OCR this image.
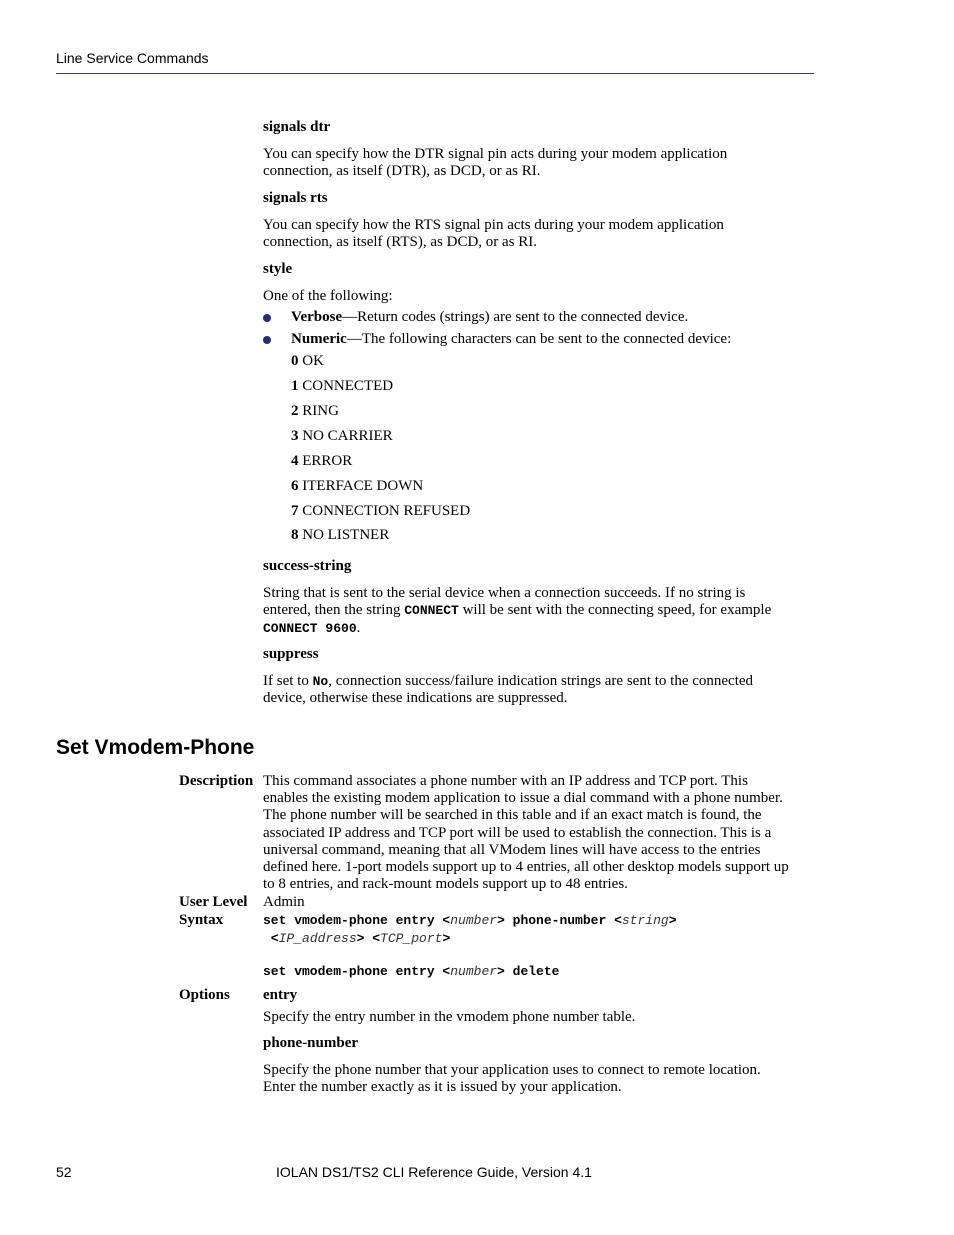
Line Service Commands

signals dtr

You can specify how the DTR signal pin acts during your modem application

connection, as itself (DTR), as DCD, or as RI.

signals rts

You can specify how the RTS signal pin acts during your modem application

connection, as itself (RTS), as DCD, or as RI.

style

One of the following:

Verbose—Return codes (strings) are sent to the connected device.
Numeric—The following characters can be sent to the connected device:
0 OK
1 CONNECTED
2 RING
3 NO CARRIER
4 ERROR
6 ITERFACE DOWN
7 CONNECTION REFUSED
8 NO LISTNER

success-string

String that is sent to the serial device when a connection succeeds. If no string is

entered, then the string CONNECT will be sent with the connecting speed, for example

CONNECT 9600.

suppress

If set to No, connection success/failure indication strings are sent to the connected

device, otherwise these indications are suppressed.

Set Vmodem-Phone
Description This command associates a phone number with an IP address and TCP port. This

enables the existing modem application to issue a dial command with a phone number.

The phone number will be searched in this table and if an exact match is found, the

associated IP address and TCP port will be used to establish the connection. This is a

universal command, meaning that all VModem lines will have access to the entries

defined here. 1-port models support up to 4 entries, all other desktop models support up

to 8 entries, and rack-mount models support up to 48 entries.

User Level Admin
Syntax	set vmodem-phone entry <number> phone-number <string>

<IP_address> <TCP_port>

set vmodem-phone entry <number> delete

Options entry

Specify the entry number in the vmodem phone number table.

phone-number

Specify the phone number that your application uses to connect to remote location.

Enter the number exactly as it is issued by your application.

52	IOLAN DS1/TS2 CLI Reference Guide, Version 4.1
